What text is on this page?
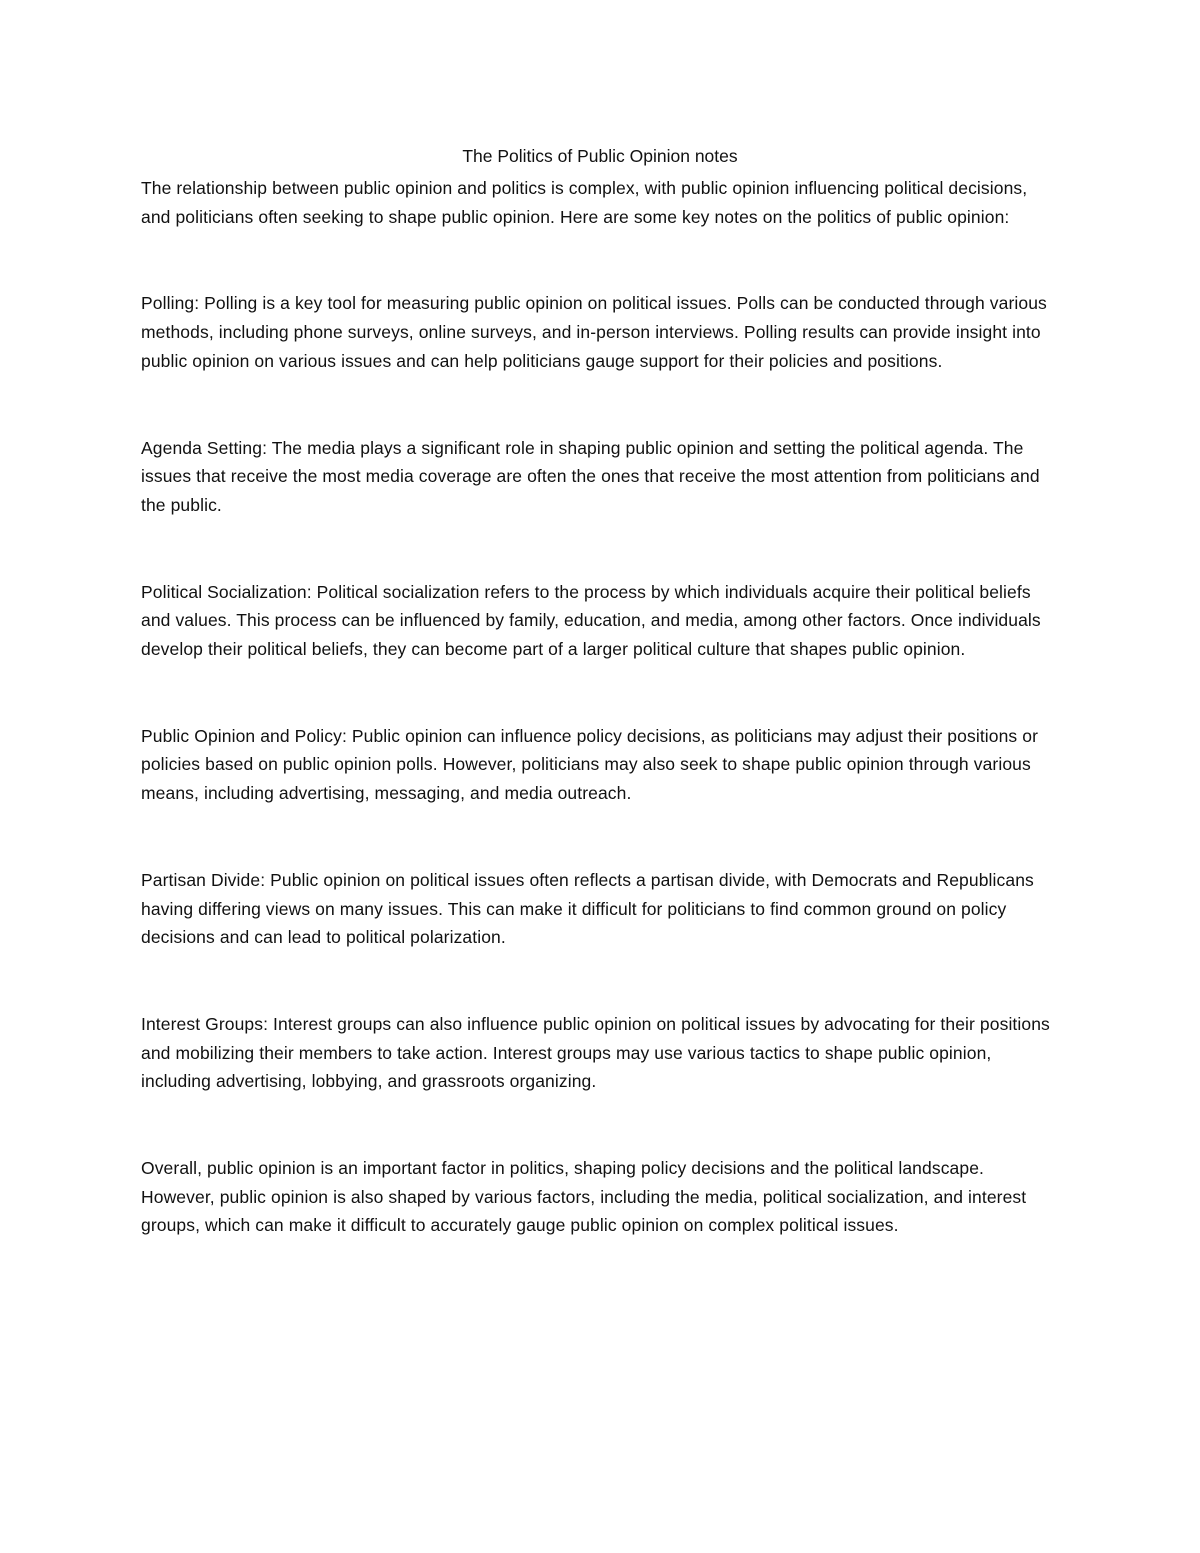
The Politics of Public Opinion notes

The relationship between public opinion and politics is complex, with public opinion influencing political decisions, and politicians often seeking to shape public opinion. Here are some key notes on the politics of public opinion:

Polling: Polling is a key tool for measuring public opinion on political issues. Polls can be conducted through various methods, including phone surveys, online surveys, and in-person interviews. Polling results can provide insight into public opinion on various issues and can help politicians gauge support for their policies and positions.

Agenda Setting: The media plays a significant role in shaping public opinion and setting the political agenda. The issues that receive the most media coverage are often the ones that receive the most attention from politicians and the public.

Political Socialization: Political socialization refers to the process by which individuals acquire their political beliefs and values. This process can be influenced by family, education, and media, among other factors. Once individuals develop their political beliefs, they can become part of a larger political culture that shapes public opinion.

Public Opinion and Policy: Public opinion can influence policy decisions, as politicians may adjust their positions or policies based on public opinion polls. However, politicians may also seek to shape public opinion through various means, including advertising, messaging, and media outreach.

Partisan Divide: Public opinion on political issues often reflects a partisan divide, with Democrats and Republicans having differing views on many issues. This can make it difficult for politicians to find common ground on policy decisions and can lead to political polarization.

Interest Groups: Interest groups can also influence public opinion on political issues by advocating for their positions and mobilizing their members to take action. Interest groups may use various tactics to shape public opinion, including advertising, lobbying, and grassroots organizing.

Overall, public opinion is an important factor in politics, shaping policy decisions and the political landscape. However, public opinion is also shaped by various factors, including the media, political socialization, and interest groups, which can make it difficult to accurately gauge public opinion on complex political issues.
